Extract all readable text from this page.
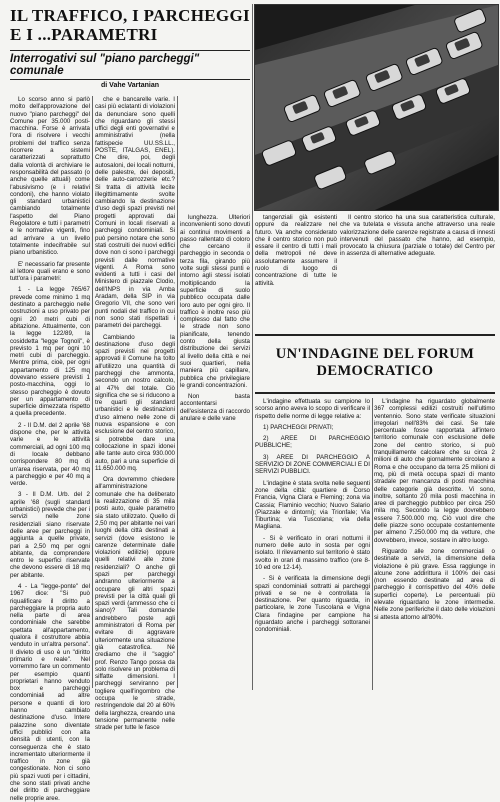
IL TRAFFICO, I PARCHEGGI E I ...PARAMETRI
Interrogativi sul "piano parcheggi" comunale
di Vahe Vartanian

Lo scorso anno si parlò molto dell'approvazione del nuovo "piano parcheggi" del Comune per 35.000 posti-macchina. Forse è arrivata l'ora di risolvere i vecchi problemi del traffico senza ricorrere a sistemi caratterizzati soprattutto dalla volontà di archiviare le responsabilità del passato (o anche quelle attuali) come l'abusivismo (e i relativi condoni), che hanno violato gli standard urbanistici cambiando totalmente l'aspetto del Piano Regolatore e tutti i parametri e le normative vigenti, fino ad arrivare a un livello totalmente indecifrabile sul piano urbanistico.

E' necessario far presente al lettore quali erano e sono tutt'ora i parametri:

1 - La legge 765/67 prevede come minimo 1 mq destinato a parcheggio nelle costruzioni a uso privato per ogni 20 metri cubi di abitazione. Attualmente, con la legge 122/89, la cosiddetta "legge Tognoli", è previsto 1 mq per ogni 10 metri cubi di parcheggio. Mentre prima, cioè, per ogni appartamento di 125 mq dovevano essere previsti 1 posto-macchina, oggi lo stesso parcheggio è dovuto per un appartamento di superficie dimezzata rispetto a quella precedente.

2 - Il D.M. del 2 aprile '68 dispone che, per le attività varie e le attività commerciali, ad ogni 100 mq di locale debbano corrispondere 80 mq di un'area riservata, per 40 mq a parcheggio e per 40 mq a verde.

3 - Il D.M. Urb. del 2 aprile '68 (sugli standard urbanistici) prevede che per i servizi nelle zone residenziali siano riservate delle aree per parcheggi in aggiunta a quelle private, pari a 2,50 mq per ogni abitante, da comprendere entro le superfici riservate che devono essere di 18 mq per abitante.

4 - La "legge-ponte" del 1967 dice: "Si può riqualificare il diritto a parcheggiare la propria auto nella parte di area condominiale che sarebbe spettata all'appartamento, qualora il costruttore abbia venduto in un'altra persona". Il divieto di uso è un "diritto primario e reale". Nel vorremmo fare un commento per esempio quanti proprietari hanno venduto box e parcheggi condominiali ad altre persone e quanti di loro hanno cambiato destinazione d'uso. Intere palazzine sono diventate uffici pubblici con alta densità di utenti, con la conseguenza che è stato incrementato ulteriormente il traffico in zone già congestionate. Non ci sono più spazi vuoti per i cittadini, che sono stati privati anche del diritto di parcheggiare nelle proprie aree.

che e bancarelle varie. I casi più eclatanti di violazioni da denunciare sono quelli che riguardano gli stessi uffici degli enti governativi e amministrativi (nella fattispecie UU.SS.LL., POSTE, ITALGAS, ENEL). Che dire, poi, degli autosaloni, dei locali notturni, delle palestre, dei depositi, delle auto-carrozzerie etc.? Si tratta di attività lecite illegittimamente svolte cambiando la destinazione d'uso degli spazi previsti nel progetti approvati dai Comuni in locali riservati a parcheggi condominiali. Si può persino notare che sono stati costruiti dei nuovi edifici dove non ci sono i parcheggi previsti dalle normative vigenti. A Roma sono evidenti a tutti i casi del Ministero di piazzale Clodio, dell'INPS in via Amba Aradam, della SIP in via Gregorio VII, che sono veri punti nodali del traffico in cui non sono stati rispettati i parametri dei parcheggi.

Cambiando la destinazione d'uso degli spazi previsti nei progetti approvati il Comune ha tolto all'utilizzo una quantità di parcheggi che ammonta, secondo un nostro calcolo, al 47% del totale. Ciò significa che se si riducono a tre quarti gli standard urbanistici e le destinazioni d'uso almeno nelle zone di nuova espansione e con esclusione del centro storico, si potrebbe dare una collocazione in spazi idonei alle tante auto circa 930.000 auto, pari a una superficie di 11.650.000 mq.

Ora dovremmo chiedere all'amministrazione comunale che ha deliberato la realizzazione di 35 mila posti auto, quale parametro sia stato utilizzato. Quello di 2,50 mq per abitante nei vari luoghi della città destinati a servizi (dove esistono le carenze determinate dalle violazioni edilizie) oppure quelli relativi alle zone residenziali? O anche gli spazi per parcheggi andranno ulteriormente a occupare gli altri spazi previsti per la città quali gli spazi verdi (ammesso che ci siano)? Tali domande andrebbero poste agli amministratori di Roma per evitare di aggravare ulteriormente una situazione già catastrofica. Né crediamo che il "saggio" prof. Renzo Tango possa da solo risolvere un problema di siffatte dimensioni. I parcheggi serviranno per togliere quell'ingombro che occupa le strade, restringendole dal 20 al 60% della larghezza, creando una tensione permanente nelle strade per tutte le fasce

lunghezza. Ulteriori inconvenienti sono dovuti ai continui movimenti a passo rallentato di coloro che cercano il parcheggio in seconda o terza fila, girando più volte sugli stessi punti e intorno agli stessi isolati moltiplicando la superficie di suolo pubblico occupata dalle loro auto per ogni giro. Il traffico è inoltre reso più complesso dal fatto che le strade non sono pianificate, tenendo conto della giusta distribuzione dei servizi al livello della città e nei suoi quartieri, nella maniera più capillare, pubblica che privilegiare le grandi concentrazioni.

Non basta accontentarsi dell'esistenza di raccordo anulare e delle vane

tangenziali già esistenti oppure da realizzare nel futuro. Va anche considerato che il centro storico non può essare il centro di tutti i mali della metropoli né deve assolutamente assumere il ruolo di luogo di concentrazione di tutte le attività.

Il centro storico ha una sua caratteristica culturale, che va tutelata e vissuta anche attraverso una reale valorizzazione delle carenze registrate a causa di innesti intervenuti del passato che hanno, ad esempio, provocato la chiusura (parziale o totale) del Centro per in assenza di alternative adeguate.

UN'INDAGINE DEL FORUM DEMOCRATICO

L'indagine effettuata su campione lo scorso anno aveva lo scopo di verificare il rispetto delle norme di legge relative a:

1) PARCHEGGI PRIVATI;

2) AREE DI PARCHEGGIO PUBBLICHE;

3) AREE DI PARCHEGGIO A SERVIZIO DI ZONE COMMERCIALI E DI SERVIZI PUBBLICI.

L'indagine è stata svolta nelle seguenti zone della città: quartiere di Corso Francia, Vigna Clara e Fleming; zona via Cassia; Flaminio vecchio; Nuovo Salario (Piazzale e dintorni); via Trionfale; Via Tiburtina; via Tuscolana; via della Magliana.

- Si è verificato in orari notturni il numero delle auto in sosta per ogni isolato. Il rilevamento sul territorio è stato svolto in orari di massimo traffico (ore 8-10 ed ore 12-14).

- Si è verificata la dimensione degli spazi condominiali sottratti ai parcheggi privati e se ne è controllata la destinazione. Per quanto riguarda, in particolare, le zone Tuscolana e Vigna Clara l'indagine per campione ha riguardato anche i parcheggi sottoranei condominiali.

L'indagine ha riguardato globalmente 367 complessi edilizi costruiti nell'ultimo ventennio. Sono state verificate situazioni irregolari nell'83% dei casi. Se tale percentuale fosse rapportata all'intero territorio comunale con esclusione delle zone del centro storico, si può tranquillamente calcolare che su circa 2 milioni di auto che giornalmente circolano a Roma e che occupano da terra 25 milioni di mq, più di metà occupa spazi di manto stradale per mancanza di posti macchina delle categorie già descritte. Vi sono, inoltre, soltanto 20 mila posti macchina in aree di parcheggio pubblico per circa 250 mila mq. Secondo la legge dovrebbero essere 7.500.000 mq. Ciò vuol dire che delle piazze sono occupate costantemente per almeno 7.250.000 mq da vetture, che dovrebbero, invece, sostare in altro luogo.

Riguardo alle zone commerciali o destinate a servizi, la dimensione della violazione è più grave. Essa raggiunge in alcune zone addirittura il 100% dei casi (non essendo destinate ad area di parcheggio il corrispettivo del 40% delle superfici coperte). Le percentuali più elevate riguardano le zone intermedie. Nelle zone periferiche il dato delle violazioni si attesta attorno all'80%.
